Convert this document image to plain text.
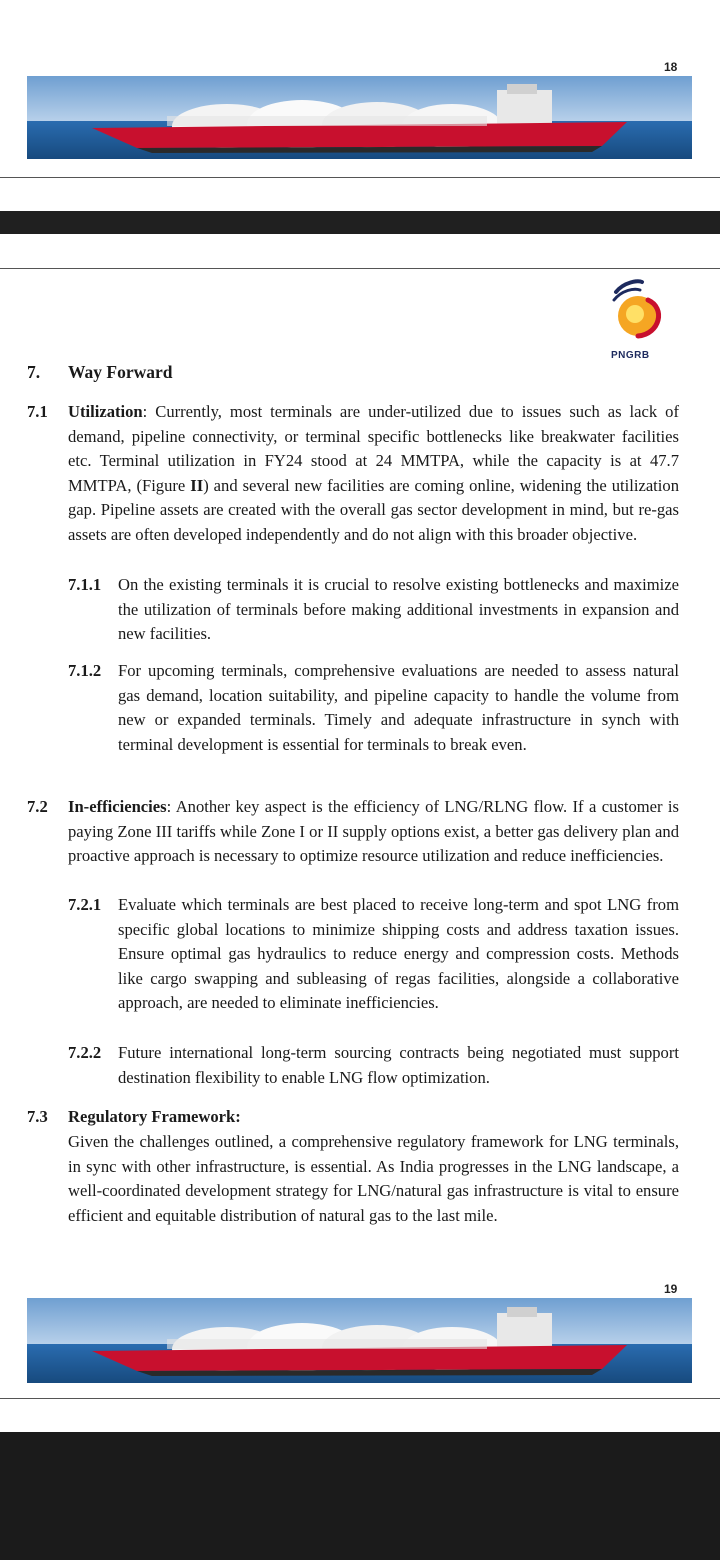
18
PNGRB
7. Way Forward
7.1 Utilization: Currently, most terminals are under-utilized due to issues such as lack of demand, pipeline connectivity, or terminal specific bottlenecks like breakwater facilities etc. Terminal utilization in FY24 stood at 24 MMTPA, while the capacity is at 47.7 MMTPA, (Figure II) and several new facilities are coming online, widening the utilization gap. Pipeline assets are created with the overall gas sector development in mind, but re-gas assets are often developed independently and do not align with this broader objective.
7.1.1 On the existing terminals it is crucial to resolve existing bottlenecks and maximize the utilization of terminals before making additional investments in expansion and new facilities.
7.1.2 For upcoming terminals, comprehensive evaluations are needed to assess natural gas demand, location suitability, and pipeline capacity to handle the volume from new or expanded terminals. Timely and adequate infrastructure in synch with terminal development is essential for terminals to break even.
7.2 In-efficiencies: Another key aspect is the efficiency of LNG/RLNG flow. If a customer is paying Zone III tariffs while Zone I or II supply options exist, a better gas delivery plan and proactive approach is necessary to optimize resource utilization and reduce inefficiencies.
7.2.1 Evaluate which terminals are best placed to receive long-term and spot LNG from specific global locations to minimize shipping costs and address taxation issues. Ensure optimal gas hydraulics to reduce energy and compression costs. Methods like cargo swapping and subleasing of regas facilities, alongside a collaborative approach, are needed to eliminate inefficiencies.
7.2.2 Future international long-term sourcing contracts being negotiated must support destination flexibility to enable LNG flow optimization.
7.3 Regulatory Framework:
Given the challenges outlined, a comprehensive regulatory framework for LNG terminals, in sync with other infrastructure, is essential. As India progresses in the LNG landscape, a well-coordinated development strategy for LNG/natural gas infrastructure is vital to ensure efficient and equitable distribution of natural gas to the last mile.
19
